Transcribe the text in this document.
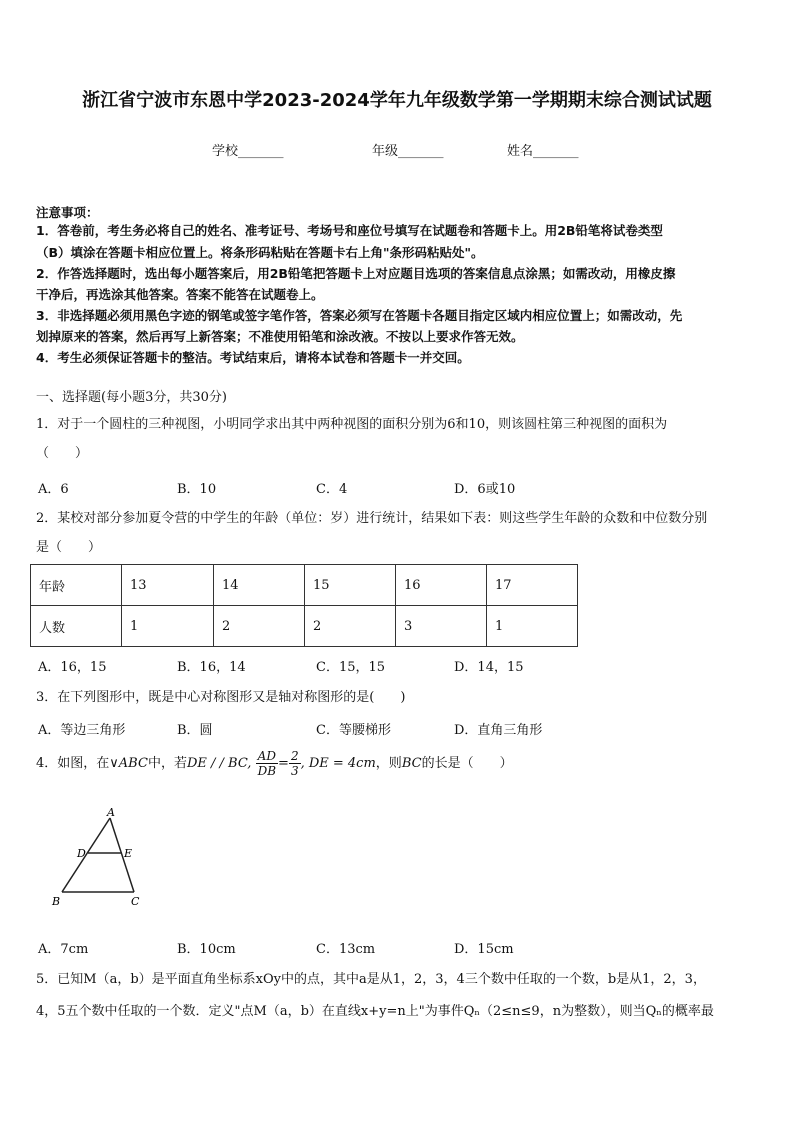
浙江省宁波市东恩中学2023-2024学年九年级数学第一学期期末综合测试试题
学校_______	年级_______	姓名_______
注意事项：
1．答卷前，考生务必将自己的姓名、准考证号、考场号和座位号填写在试题卷和答题卡上。用2B铅笔将试卷类型
（B）填涂在答题卡相应位置上。将条形码粘贴在答题卡右上角"条形码粘贴处"。
2．作答选择题时，选出每小题答案后，用2B铅笔把答题卡上对应题目选项的答案信息点涂黑；如需改动，用橡皮擦
干净后，再选涂其他答案。答案不能答在试题卷上。
3．非选择题必须用黑色字迹的钢笔或签字笔作答，答案必须写在答题卡各题目指定区域内相应位置上；如需改动，先
划掉原来的答案，然后再写上新答案；不准使用铅笔和涂改液。不按以上要求作答无效。
4．考生必须保证答题卡的整洁。考试结束后，请将本试卷和答题卡一并交回。
一、选择题(每小题3分，共30分)
1．对于一个圆柱的三种视图，小明同学求出其中两种视图的面积分别为6和10，则该圆柱第三种视图的面积为
（　　）
A．6	B．10	C．4	D．6或10
2．某校对部分参加夏令营的中学生的年龄（单位：岁）进行统计，结果如下表：则这些学生年龄的众数和中位数分别
是（　　）
年龄	13	14	15	16	17
人数	1	2	2	3	1
A．16，15	B．16，14	C．15，15	D．14，15
3．在下列图形中，既是中心对称图形又是轴对称图形的是(　　)
A．等边三角形	B．圆	C．等腰梯形	D．直角三角形
4．如图，在∨ABC中，若DE / / BC, $\frac{AD}{DB} = \frac{2}{3}$ , DE = 4cm，则BC的长是（　　）
A
D	E
B	C
A．7cm	B．10cm	C．13cm	D．15cm
5．已知M（a，b）是平面直角坐标系xOy中的点，其中a是从1，2，3，4三个数中任取的一个数，b是从1，2，3，
4，5五个数中任取的一个数．定义"点M（a，b）在直线x+y=n上"为事件Qₙ（2≤n≤9，n为整数），则当Qₙ的概率最
